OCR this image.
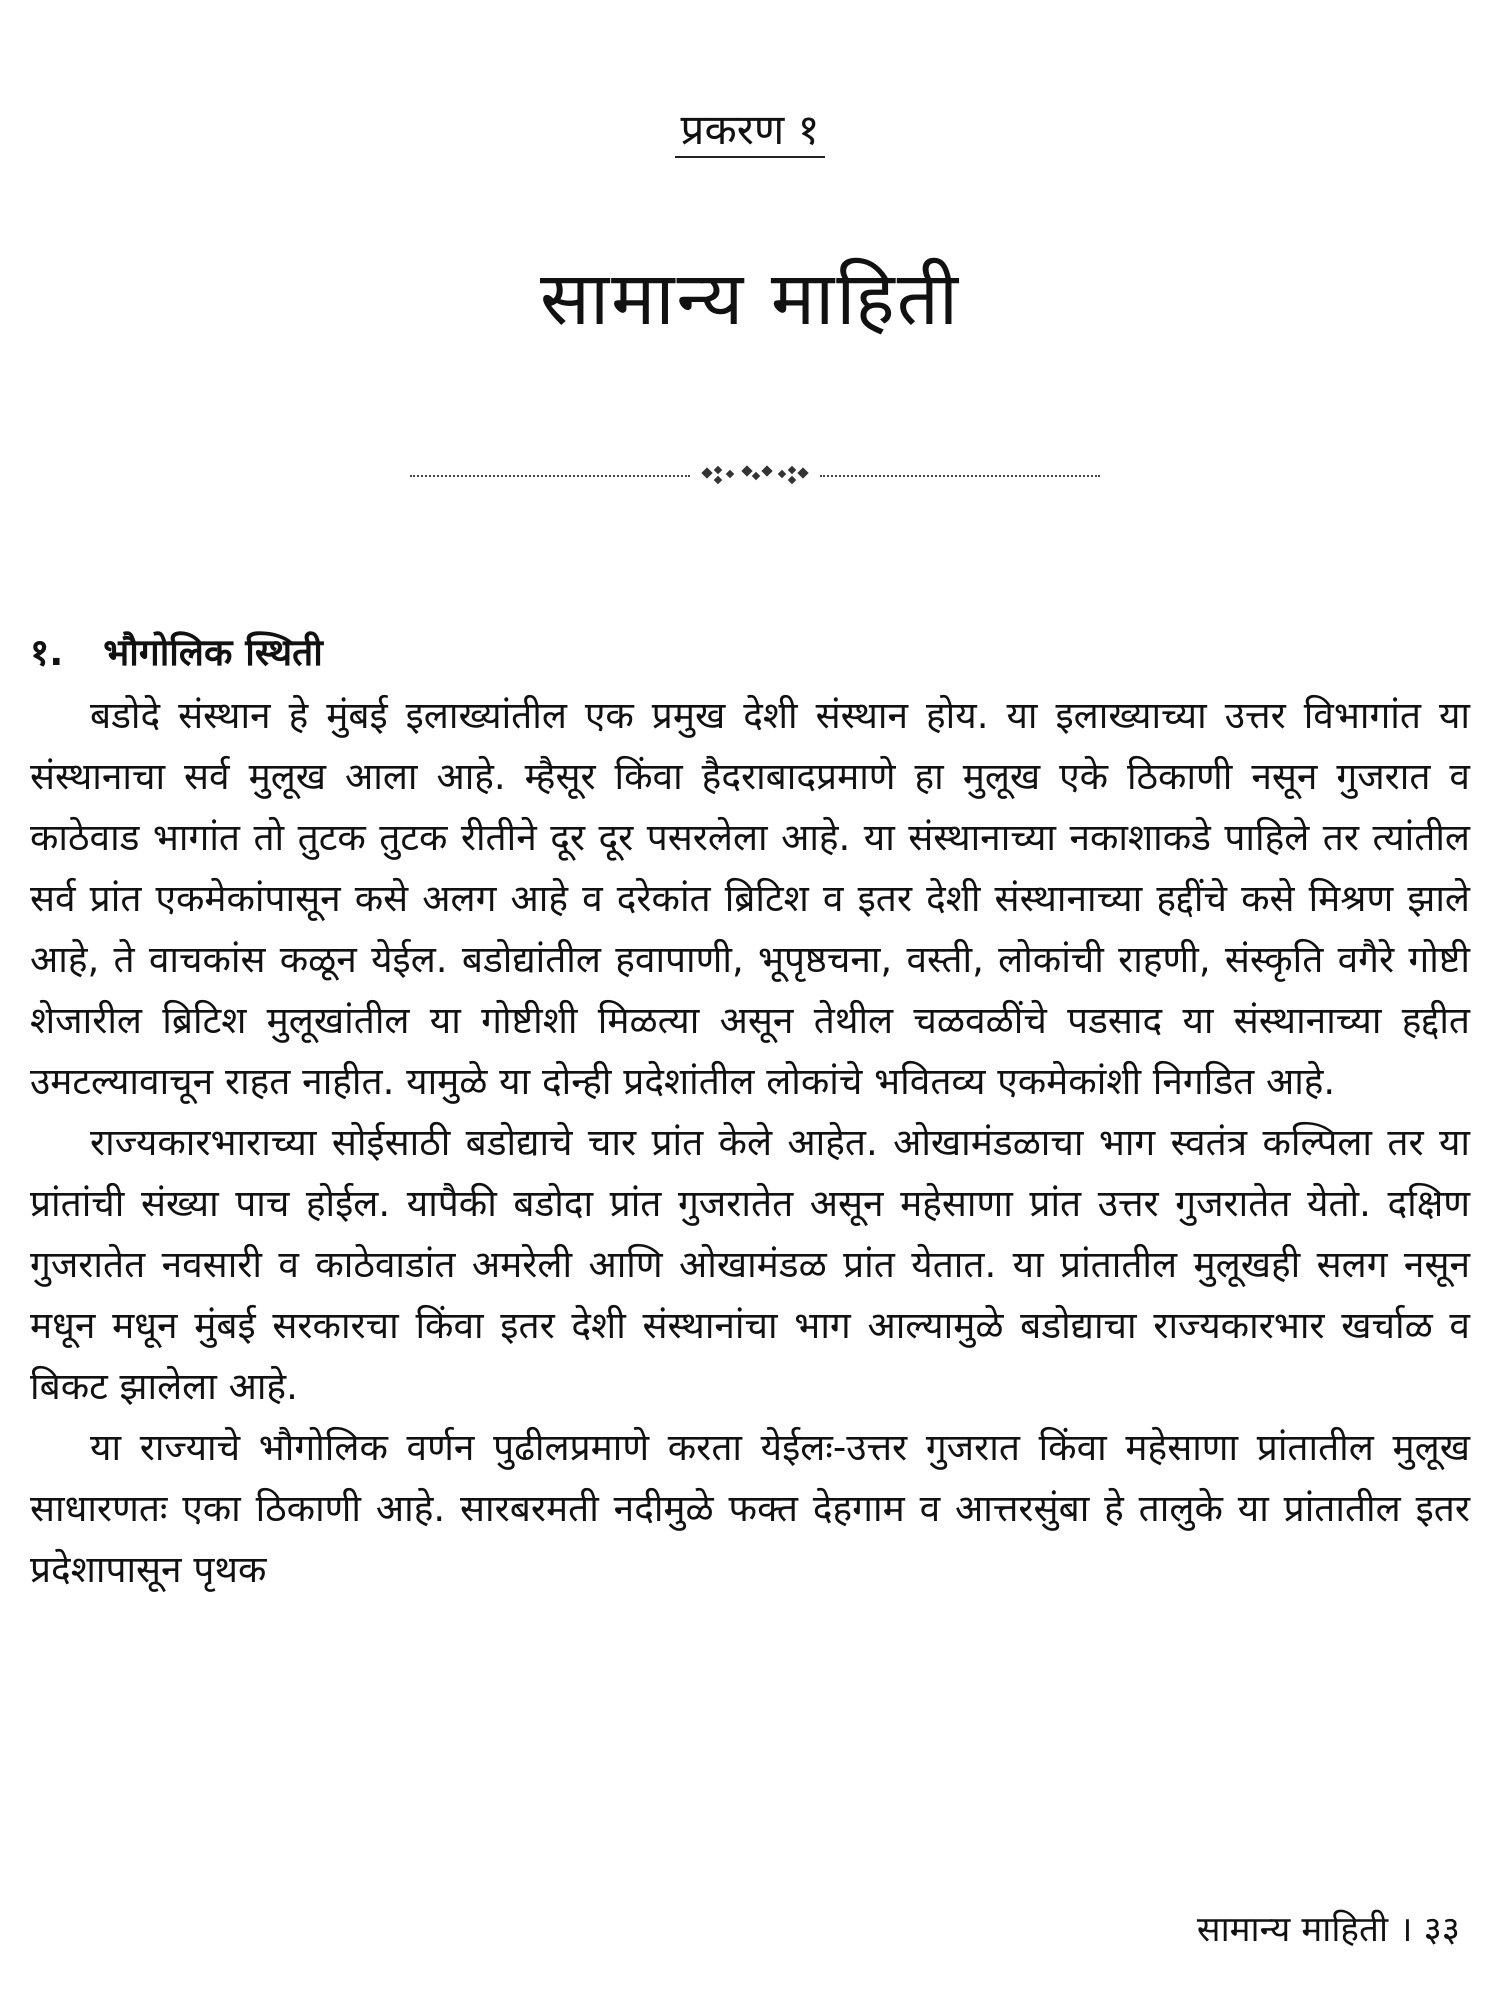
प्रकरण १
सामान्य माहिती
१. भौगोलिक स्थिती

बडोदे संस्थान हे मुंबई इलाख्यांतील एक प्रमुख देशी संस्थान होय. या इलाख्याच्या उत्तर विभागांत या संस्थानाचा सर्व मुलूख आला आहे. म्हैसूर किंवा हैदराबादप्रमाणे हा मुलूख एके ठिकाणी नसून गुजरात व काठेवाड भागांत तो तुटक तुटक रीतीने दूर दूर पसरलेला आहे. या संस्थानाच्या नकाशाकडे पाहिले तर त्यांतील सर्व प्रांत एकमेकांपासून कसे अलग आहे व दरेकांत ब्रिटिश व इतर देशी संस्थानाच्या हद्दींचे कसे मिश्रण झाले आहे, ते वाचकांस कळून येईल. बडोद्यांतील हवापाणी, भूपृष्ठचना, वस्ती, लोकांची राहणी, संस्कृति वगैरे गोष्टी शेजारील ब्रिटिश मुलूखांतील या गोष्टीशी मिळत्या असून तेथील चळवळींचे पडसाद या संस्थानाच्या हद्दीत उमटल्यावाचून राहत नाहीत. यामुळे या दोन्ही प्रदेशांतील लोकांचे भवितव्य एकमेकांशी निगडित आहे.

राज्यकारभाराच्या सोईसाठी बडोद्याचे चार प्रांत केले आहेत. ओखामंडळाचा भाग स्वतंत्र कल्पिला तर या प्रांतांची संख्या पाच होईल. यापैकी बडोदा प्रांत गुजरातेत असून महेसाणा प्रांत उत्तर गुजरातेत येतो. दक्षिण गुजरातेत नवसारी व काठेवाडांत अमरेली आणि ओखामंडळ प्रांत येतात. या प्रांतातील मुलूखही सलग नसून मधून मधून मुंबई सरकारचा किंवा इतर देशी संस्थानांचा भाग आल्यामुळे बडोद्याचा राज्यकारभार खर्चाळ व बिकट झालेला आहे.

या राज्याचे भौगोलिक वर्णन पुढीलप्रमाणे करता येईलः-उत्तर गुजरात किंवा महेसाणा प्रांतातील मुलूख साधारणतः एका ठिकाणी आहे. सारबरमती नदीमुळे फक्त देहगाम व आत्तरसुंबा हे तालुके या प्रांतातील इतर प्रदेशापासून पृथक

सामान्य माहिती । ३३
